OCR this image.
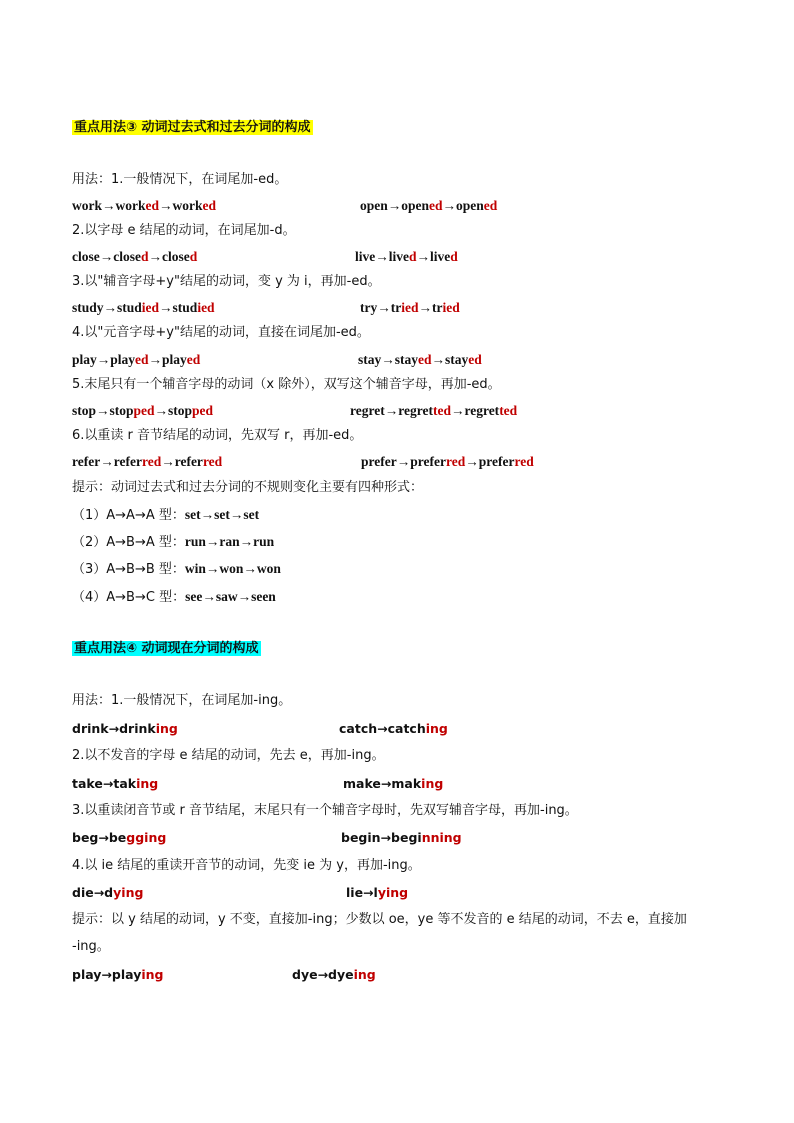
重点用法③ 动词过去式和过去分词的构成
用法：1.一般情况下，在词尾加-ed。
work→worked→worked	open→opened→opened
2.以字母 e 结尾的动词，在词尾加-d。
close→closed→closed	live→lived→lived
3.以"辅音字母+y"结尾的动词，变 y 为 i，再加-ed。
study→studied→studied	try→tried→tried
4.以"元音字母+y"结尾的动词，直接在词尾加-ed。
play→played→played	stay→stayed→stayed
5.末尾只有一个辅音字母的动词（x 除外），双写这个辅音字母，再加-ed。
stop→stopped→stopped	regret→regretted→regretted
6.以重读 r 音节结尾的动词，先双写 r，再加-ed。
refer→referred→referred	prefer→preferred→preferred
提示：动词过去式和过去分词的不规则变化主要有四种形式：
（1）A→A→A 型：set→set→set
（2）A→B→A 型：run→ran→run
（3）A→B→B 型：win→won→won
（4）A→B→C 型：see→saw→seen
重点用法④ 动词现在分词的构成
用法：1.一般情况下，在词尾加-ing。
drink→drinking	catch→catching
2.以不发音的字母 e 结尾的动词，先去 e，再加-ing。
take→taking	make→making
3.以重读闭音节或 r 音节结尾，末尾只有一个辅音字母时，先双写辅音字母，再加-ing。
beg→begging	begin→beginning
4.以 ie 结尾的重读开音节的动词，先变 ie 为 y，再加-ing。
die→dying	lie→lying
提示：以 y 结尾的动词，y 不变，直接加-ing；少数以 oe，ye 等不发音的 e 结尾的动词，不去 e，直接加
-ing。
play→playing	dye→dyeing
